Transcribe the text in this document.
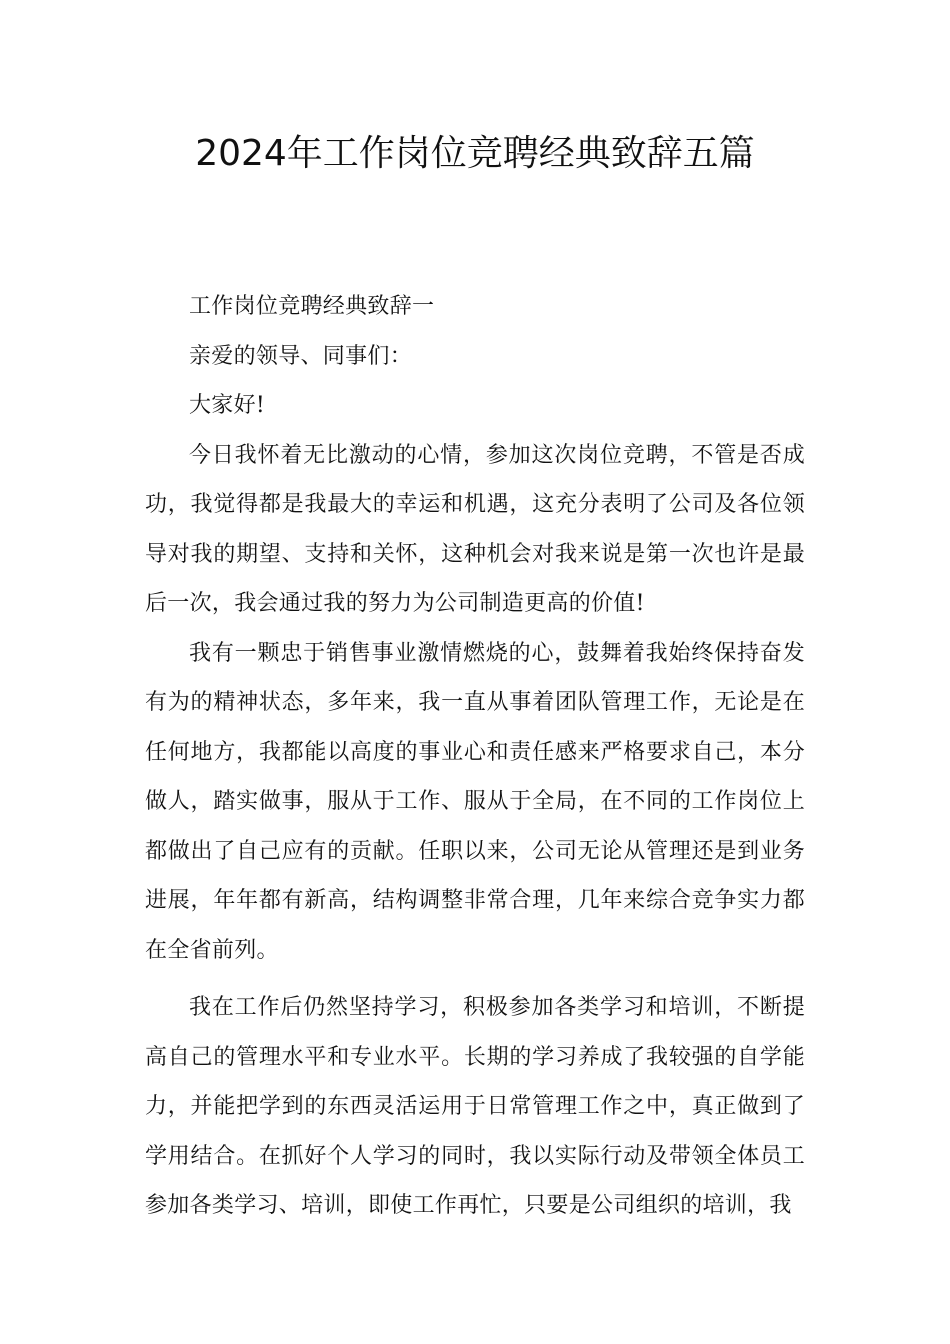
2024年工作岗位竞聘经典致辞五篇

工作岗位竞聘经典致辞一

亲爱的领导、同事们：

大家好!

今日我怀着无比激动的心情，参加这次岗位竞聘，不管是否成功，我觉得都是我最大的幸运和机遇，这充分表明了公司及各位领导对我的期望、支持和关怀，这种机会对我来说是第一次也许是最后一次，我会通过我的努力为公司制造更高的价值!

我有一颗忠于销售事业激情燃烧的心，鼓舞着我始终保持奋发有为的精神状态，多年来，我一直从事着团队管理工作，无论是在任何地方，我都能以高度的事业心和责任感来严格要求自己，本分做人，踏实做事，服从于工作、服从于全局，在不同的工作岗位上都做出了自己应有的贡献。任职以来，公司无论从管理还是到业务进展，年年都有新高，结构调整非常合理，几年来综合竞争实力都在全省前列。

我在工作后仍然坚持学习，积极参加各类学习和培训，不断提高自己的管理水平和专业水平。长期的学习养成了我较强的自学能力，并能把学到的东西灵活运用于日常管理工作之中，真正做到了学用结合。在抓好个人学习的同时，我以实际行动及带领全体员工参加各类学习、培训，即使工作再忙，只要是公司组织的培训，我
